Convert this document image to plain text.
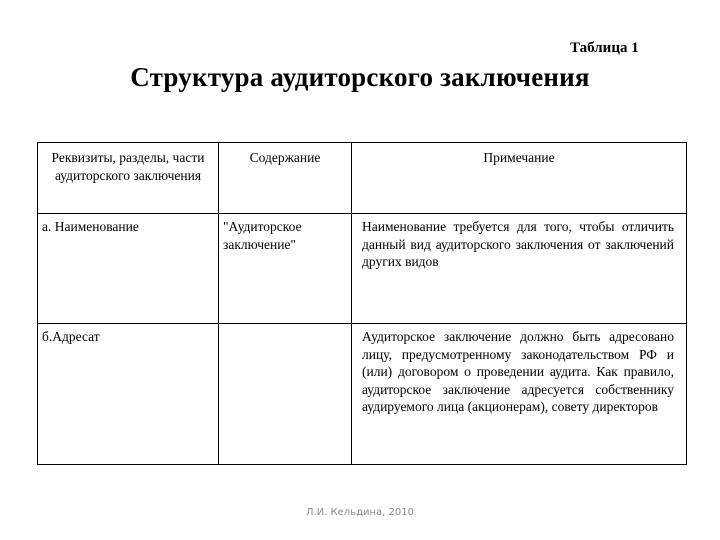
Таблица 1
Структура аудиторского заключения
Реквизиты, разделы, части аудиторского заключения	Содержание	Примечание
а. Наименование	"Аудиторское заключение"	Наименование требуется для того, чтобы отличить данный вид аудиторского заключения от заключений других видов
б.Адресат		Аудиторское заключение должно быть адресовано лицу, предусмотренному законодательством РФ и (или) договором о проведении аудита. Как правило, аудиторское заключение адресуется собственнику аудируемого лица (акционерам), совету директоров
Л.И. Кельдина, 2010
